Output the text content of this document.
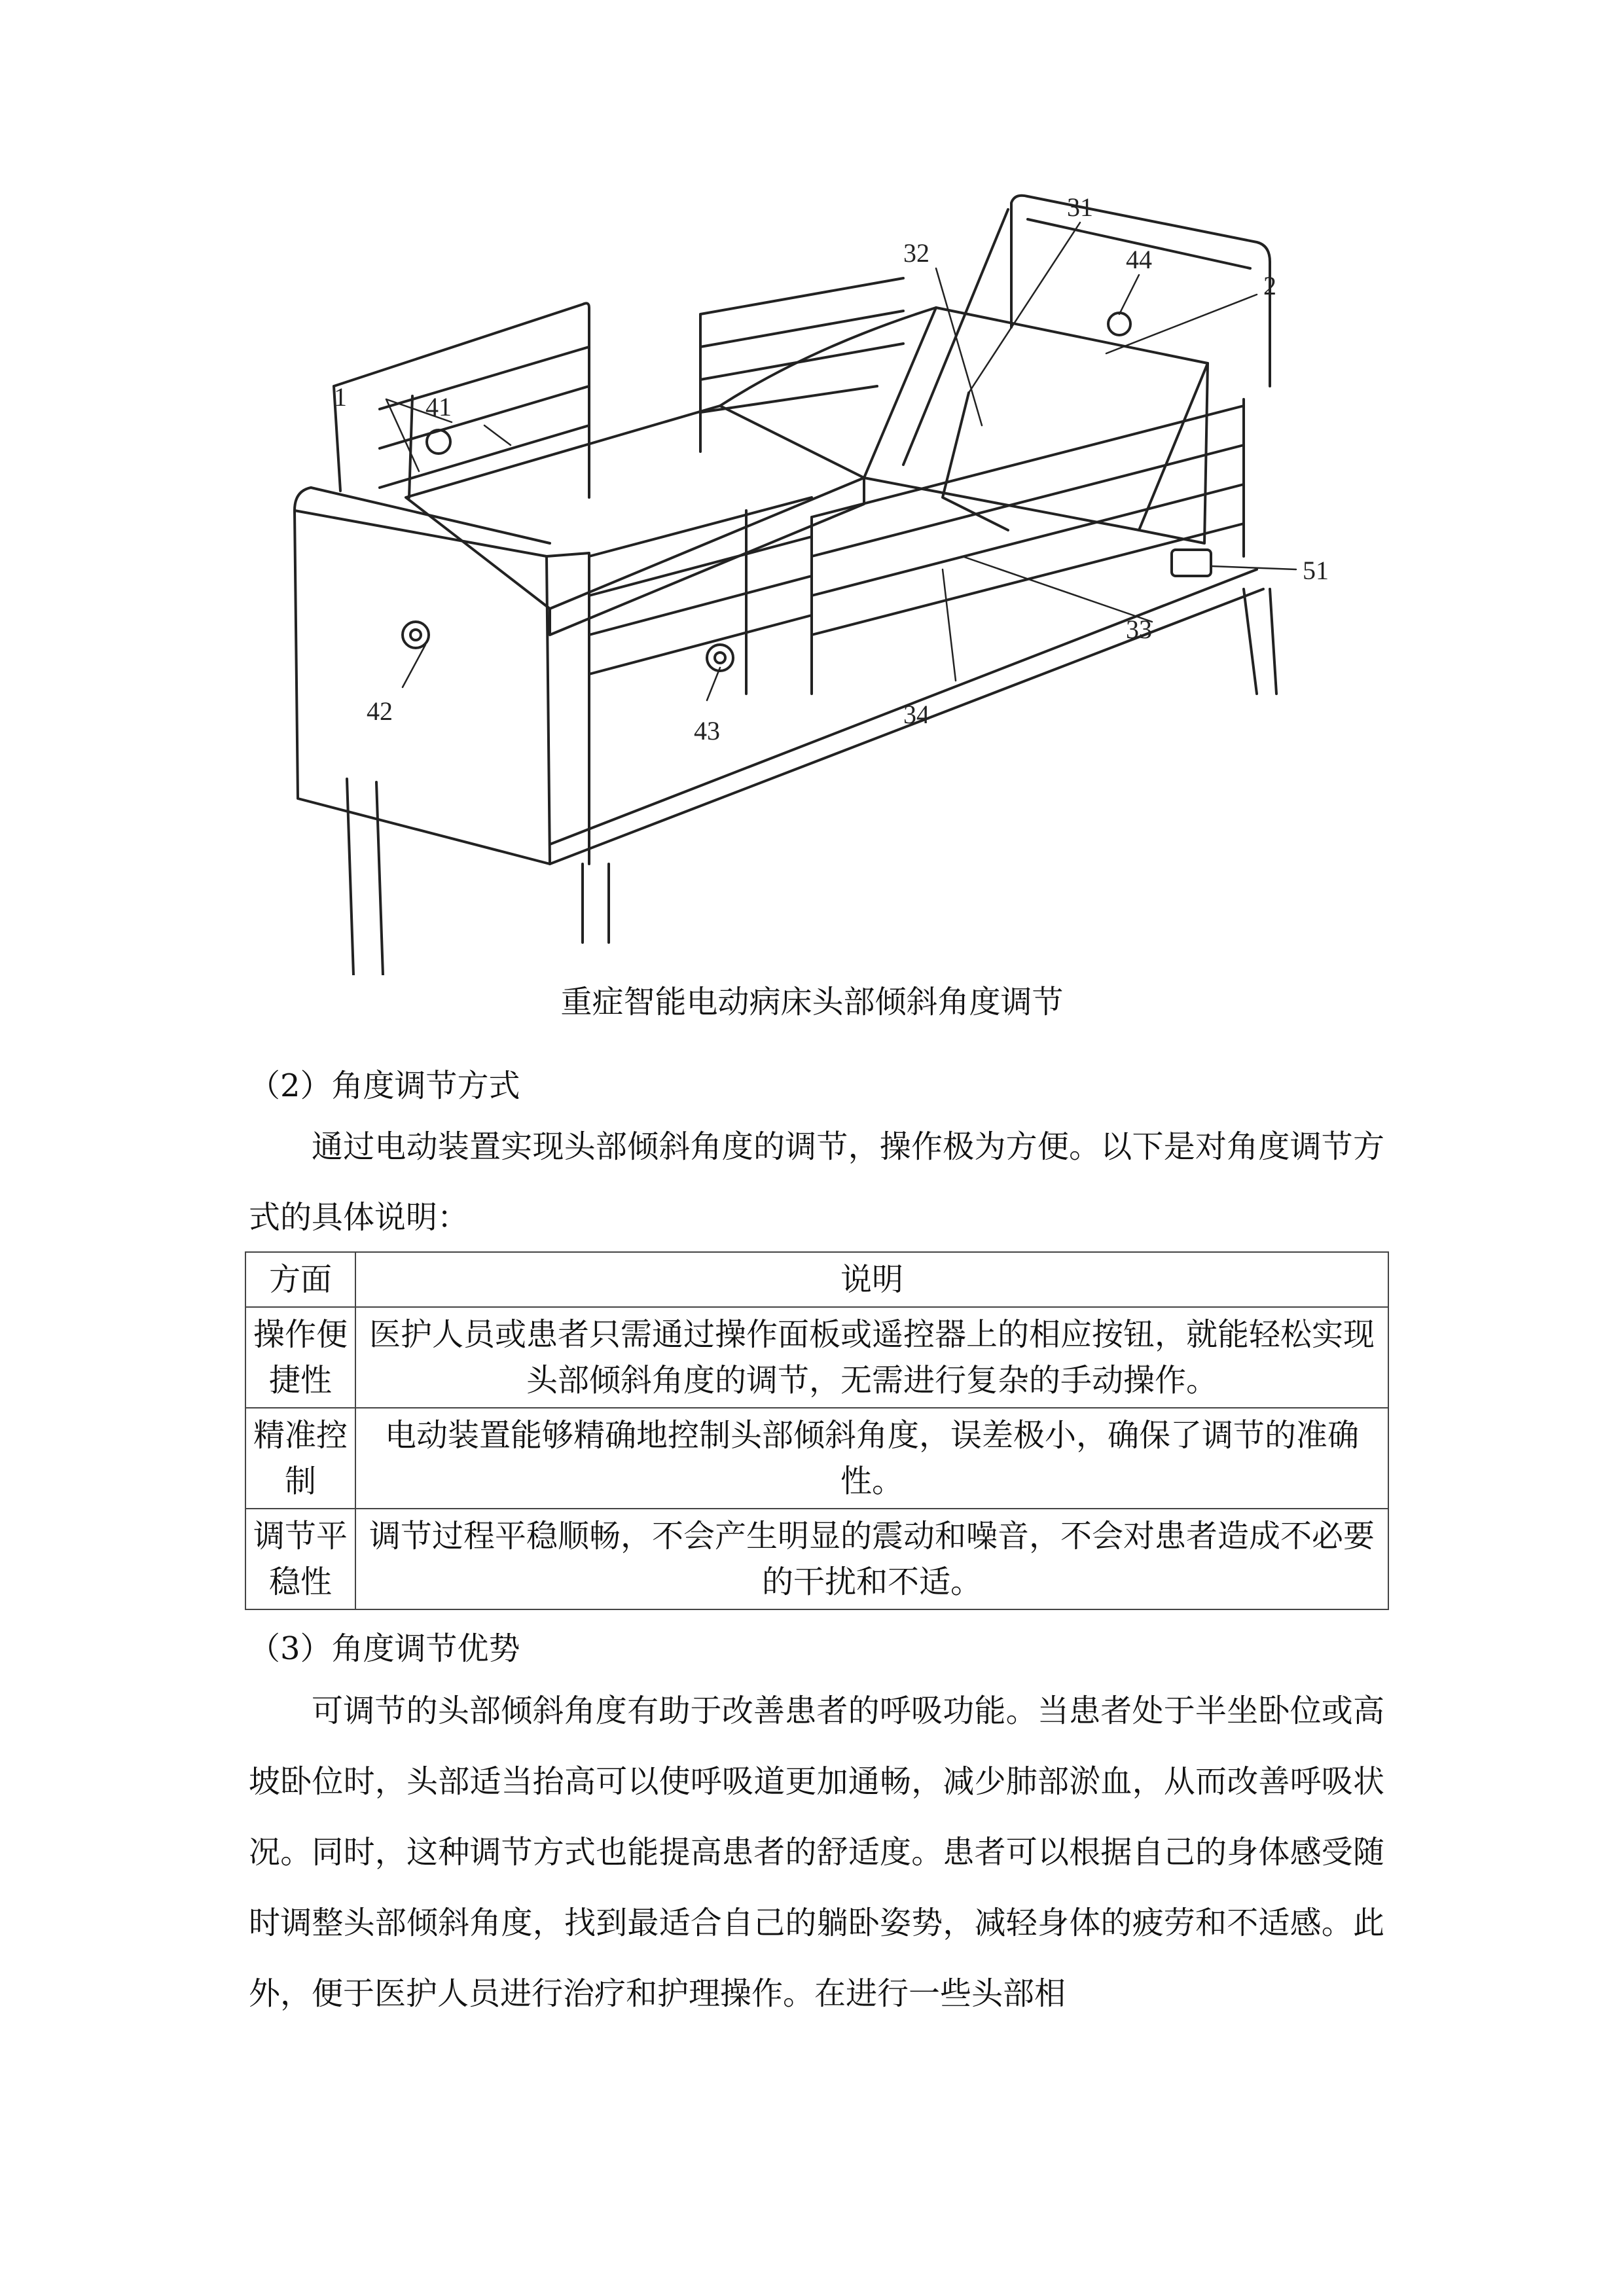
1	41
42
43
32
31
44
2
51
33
34
重症智能电动病床头部倾斜角度调节
（2）角度调节方式
通过电动装置实现头部倾斜角度的调节，操作极为方便。以下是对角度调节方式的具体说明：
方面	说明
操作便捷性	医护人员或患者只需通过操作面板或遥控器上的相应按钮，就能轻松实现头部倾斜角度的调节，无需进行复杂的手动操作。
精准控制	电动装置能够精确地控制头部倾斜角度，误差极小，确保了调节的准确性。
调节平稳性	调节过程平稳顺畅，不会产生明显的震动和噪音，不会对患者造成不必要的干扰和不适。
（3）角度调节优势
可调节的头部倾斜角度有助于改善患者的呼吸功能。当患者处于半坐卧位或高坡卧位时，头部适当抬高可以使呼吸道更加通畅，减少肺部淤血，从而改善呼吸状况。同时，这种调节方式也能提高患者的舒适度。患者可以根据自己的身体感受随时调整头部倾斜角度，找到最适合自己的躺卧姿势，减轻身体的疲劳和不适感。此外，便于医护人员进行治疗和护理操作。在进行一些头部相
